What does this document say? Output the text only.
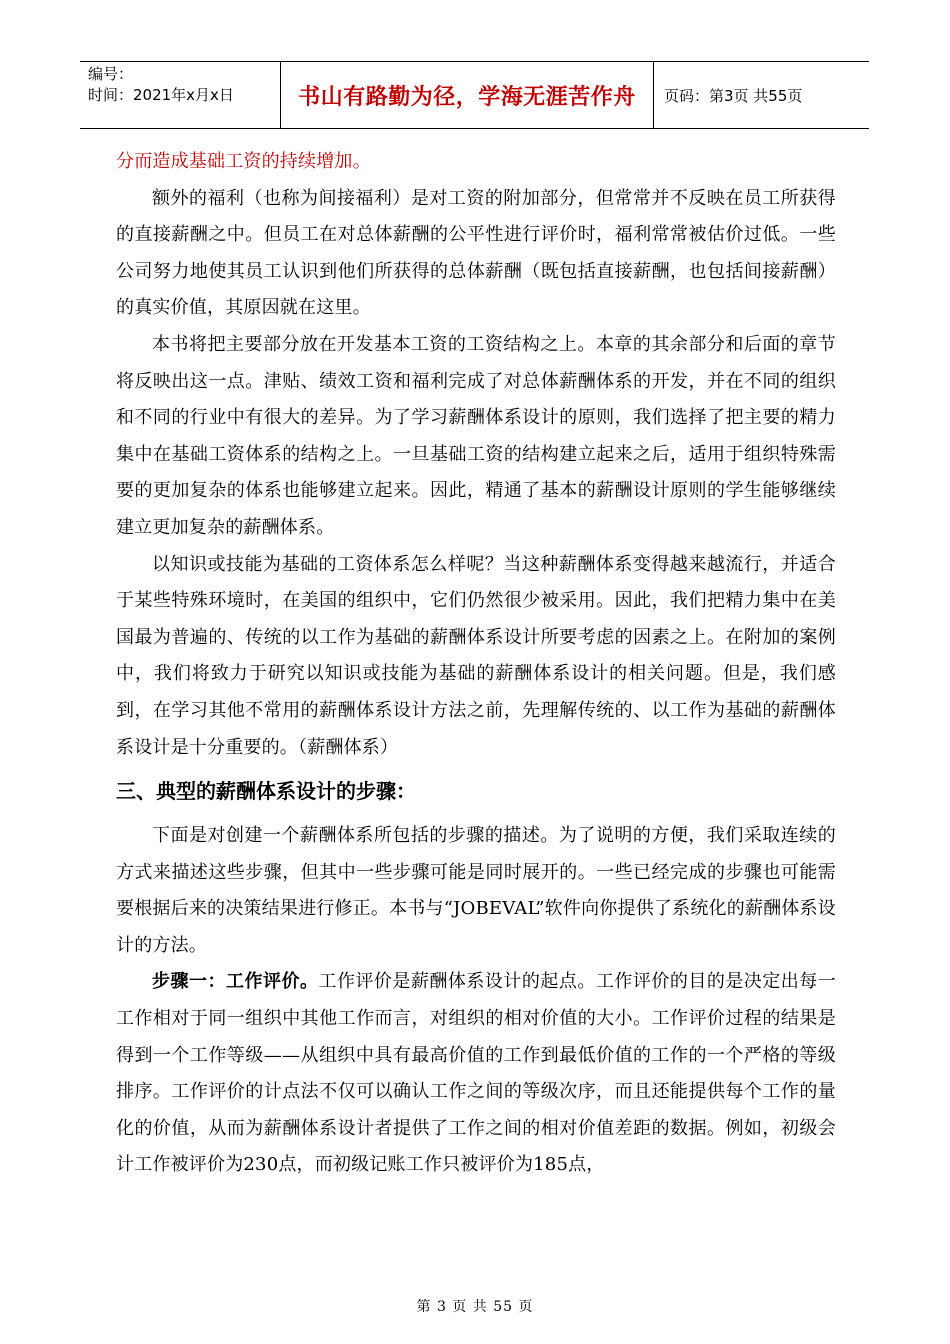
编号：
时间：2021年x月x日	书山有路勤为径，学海无涯苦作舟 页码：第3页 共55页

分而造成基础工资的持续增加。

额外的福利（也称为间接福利）是对工资的附加部分，但常常并不反映在员工所获得的直接薪酬之中。但员工在对总体薪酬的公平性进行评价时，福利常常被估价过低。一些公司努力地使其员工认识到他们所获得的总体薪酬（既包括直接薪酬，也包括间接薪酬）的真实价值，其原因就在这里。

本书将把主要部分放在开发基本工资的工资结构之上。本章的其余部分和后面的章节将反映出这一点。津贴、绩效工资和福利完成了对总体薪酬体系的开发，并在不同的组织和不同的行业中有很大的差异。为了学习薪酬体系设计的原则，我们选择了把主要的精力集中在基础工资体系的结构之上。一旦基础工资的结构建立起来之后，适用于组织特殊需要的更加复杂的体系也能够建立起来。因此，精通了基本的薪酬设计原则的学生能够继续建立更加复杂的薪酬体系。

以知识或技能为基础的工资体系怎么样呢？当这种薪酬体系变得越来越流行，并适合于某些特殊环境时，在美国的组织中，它们仍然很少被采用。因此，我们把精力集中在美国最为普遍的、传统的以工作为基础的薪酬体系设计所要考虑的因素之上。在附加的案例中，我们将致力于研究以知识或技能为基础的薪酬体系设计的相关问题。但是，我们感到，在学习其他不常用的薪酬体系设计方法之前，先理解传统的、以工作为基础的薪酬体系设计是十分重要的。（薪酬体系）

三、典型的薪酬体系设计的步骤：

下面是对创建一个薪酬体系所包括的步骤的描述。为了说明的方便，我们采取连续的方式来描述这些步骤，但其中一些步骤可能是同时展开的。一些已经完成的步骤也可能需要根据后来的决策结果进行修正。本书与“JOBEVAL”软件向你提供了系统化的薪酬体系设计的方法。

步骤一：工作评价。工作评价是薪酬体系设计的起点。工作评价的目的是决定出每一工作相对于同一组织中其他工作而言，对组织的相对价值的大小。工作评价过程的结果是得到一个工作等级——从组织中具有最高价值的工作到最低价值的工作的一个严格的等级排序。工作评价的计点法不仅可以确认工作之间的等级次序，而且还能提供每个工作的量化的价值，从而为薪酬体系设计者提供了工作之间的相对价值差距的数据。例如，初级会计工作被评价为230点，而初级记账工作只被评价为185点，

第 3 页 共 55 页
